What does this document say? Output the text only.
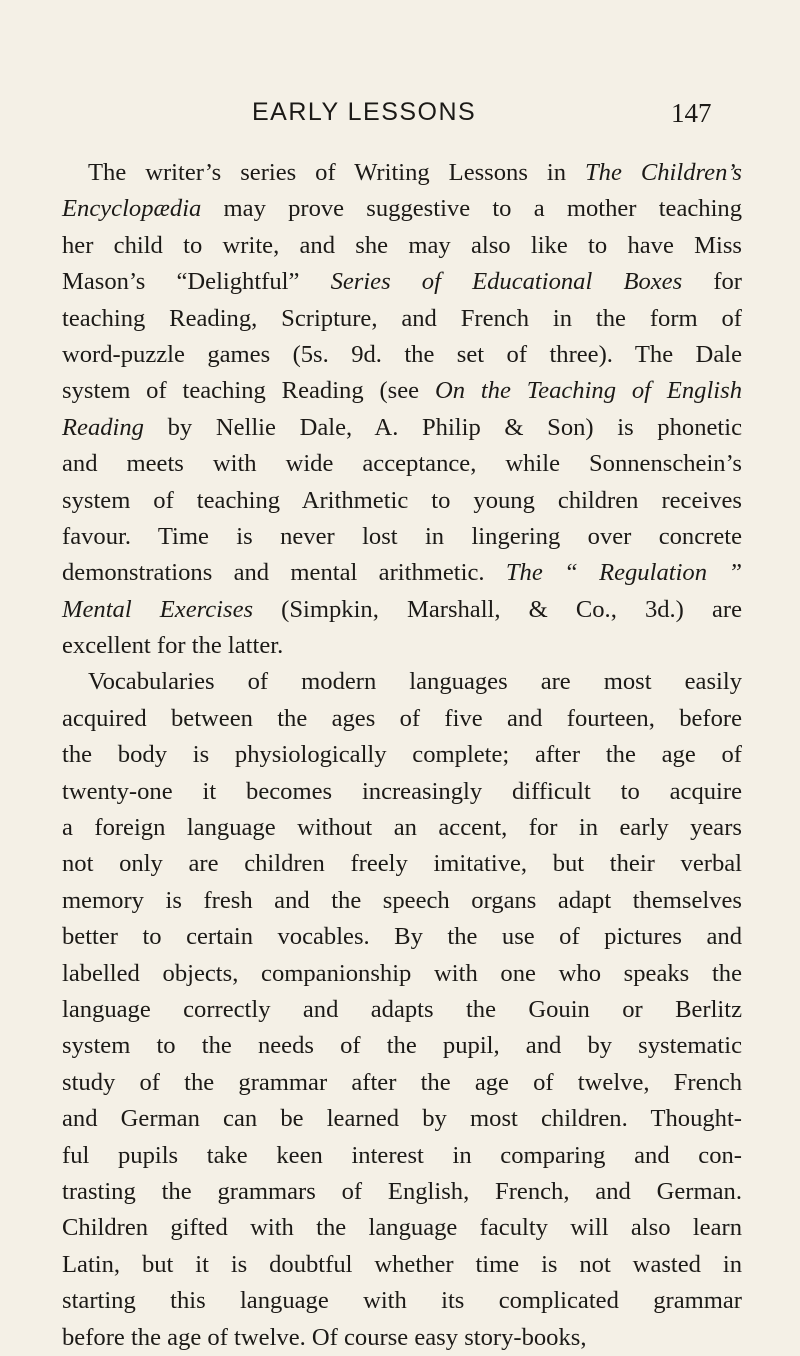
EARLY LESSONS	147
The writer’s series of Writing Lessons in The Children’s
Encyclopædia may prove suggestive to a mother teaching
her child to write, and she may also like to have Miss
Mason’s “Delightful” Series of Educational Boxes for
teaching Reading, Scripture, and French in the form of
word-puzzle games (5s. 9d. the set of three). The Dale
system of teaching Reading (see On the Teaching of English
Reading by Nellie Dale, A. Philip & Son) is phonetic
and meets with wide acceptance, while Sonnenschein’s
system of teaching Arithmetic to young children receives
favour. Time is never lost in lingering over concrete
demonstrations and mental arithmetic. The “ Regulation ”
Mental Exercises (Simpkin, Marshall, & Co., 3d.) are
excellent for the latter.
Vocabularies of modern languages are most easily
acquired between the ages of five and fourteen, before
the body is physiologically complete; after the age of
twenty-one it becomes increasingly difficult to acquire
a foreign language without an accent, for in early years
not only are children freely imitative, but their verbal
memory is fresh and the speech organs adapt themselves
better to certain vocables. By the use of pictures and
labelled objects, companionship with one who speaks the
language correctly and adapts the Gouin or Berlitz
system to the needs of the pupil, and by systematic
study of the grammar after the age of twelve, French
and German can be learned by most children. Thought-
ful pupils take keen interest in comparing and con-
trasting the grammars of English, French, and German.
Children gifted with the language faculty will also learn
Latin, but it is doubtful whether time is not wasted in
starting this language with its complicated grammar
before the age of twelve. Of course easy story-books,
